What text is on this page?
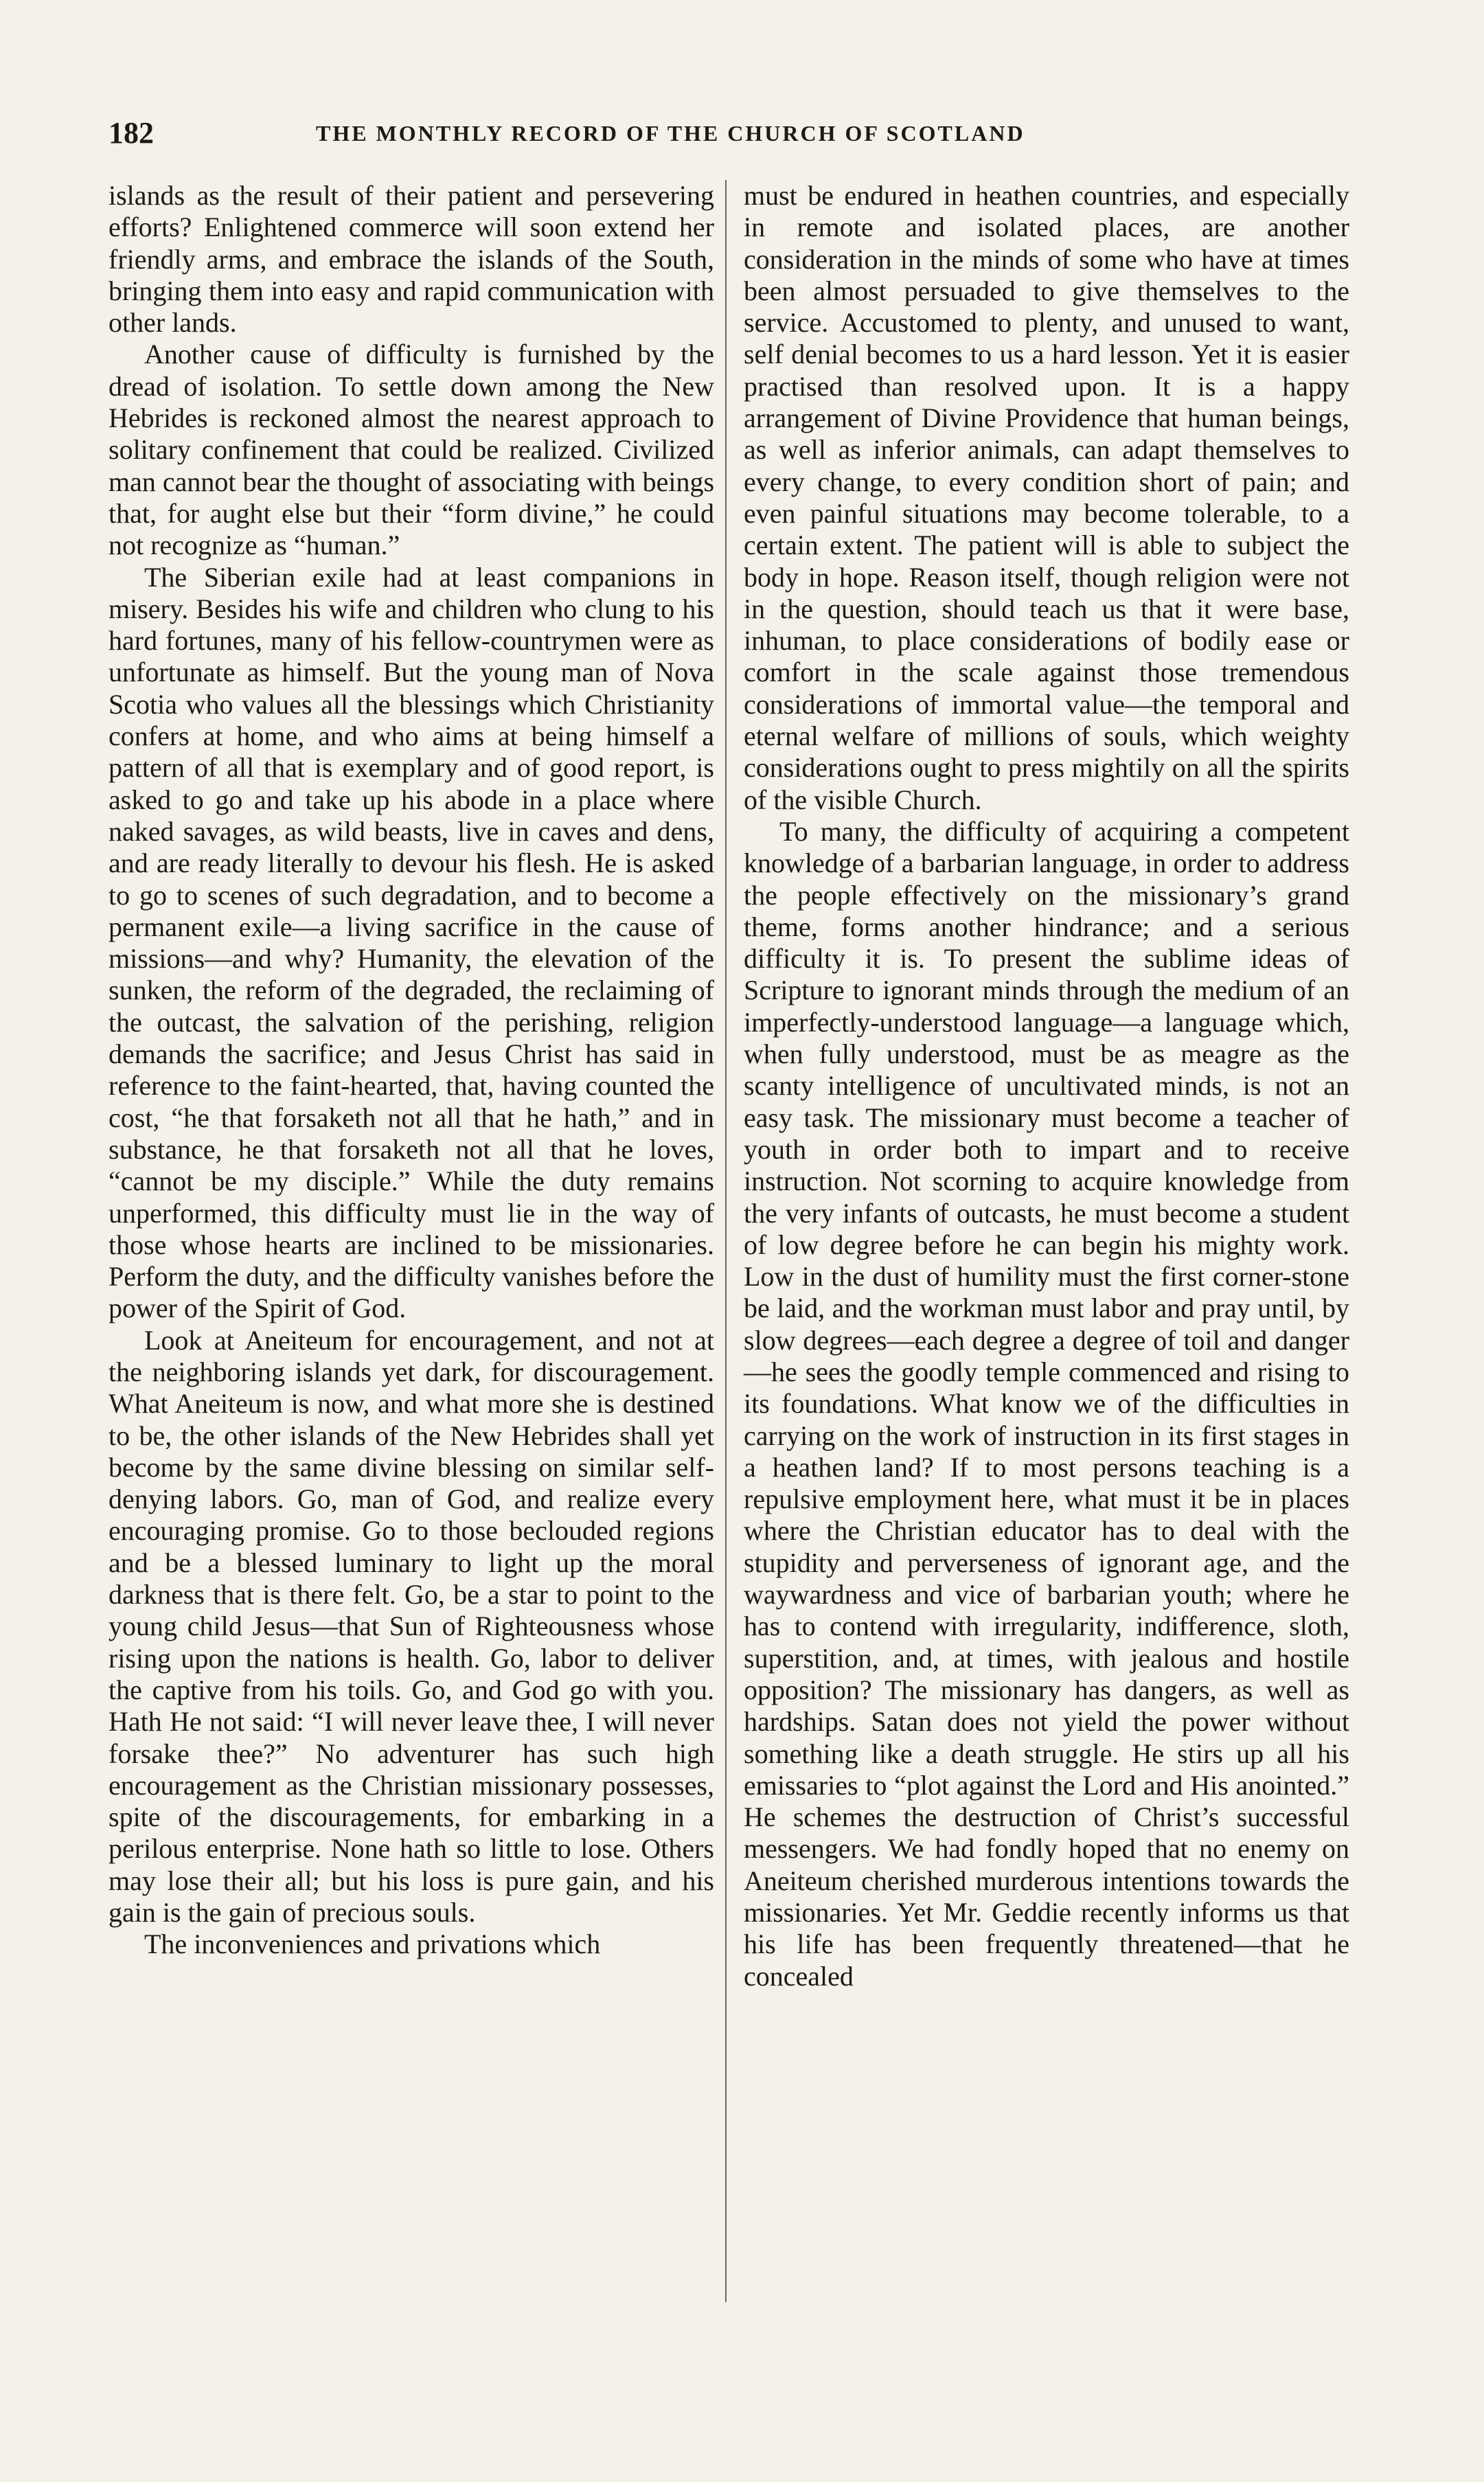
182	THE MONTHLY RECORD OF THE CHURCH OF SCOTLAND

islands as the result of their patient and persevering efforts? Enlightened commerce will soon extend her friendly arms, and embrace the islands of the South, bringing them into easy and rapid communication with other lands.

Another cause of difficulty is furnished by the dread of isolation. To settle down among the New Hebrides is reckoned almost the nearest approach to solitary confinement that could be realized. Civilized man cannot bear the thought of associating with beings that, for aught else but their “form divine,” he could not recognize as “human.”

The Siberian exile had at least companions in misery. Besides his wife and children who clung to his hard fortunes, many of his fellow-countrymen were as unfortunate as himself. But the young man of Nova Scotia who values all the blessings which Christianity confers at home, and who aims at being himself a pattern of all that is exemplary and of good report, is asked to go and take up his abode in a place where naked savages, as wild beasts, live in caves and dens, and are ready literally to devour his flesh. He is asked to go to scenes of such degradation, and to become a permanent exile—a living sacrifice in the cause of missions—and why? Humanity, the elevation of the sunken, the reform of the degraded, the reclaiming of the outcast, the salvation of the perishing, religion demands the sacrifice; and Jesus Christ has said in reference to the faint-hearted, that, having counted the cost, “he that forsaketh not all that he hath,” and in substance, he that forsaketh not all that he loves, “cannot be my disciple.” While the duty remains unperformed, this difficulty must lie in the way of those whose hearts are inclined to be missionaries. Perform the duty, and the difficulty vanishes before the power of the Spirit of God.

Look at Aneiteum for encouragement, and not at the neighboring islands yet dark, for discouragement. What Aneiteum is now, and what more she is destined to be, the other islands of the New Hebrides shall yet become by the same divine blessing on similar self-denying labors. Go, man of God, and realize every encouraging promise. Go to those beclouded regions and be a blessed luminary to light up the moral darkness that is there felt. Go, be a star to point to the young child Jesus—that Sun of Righteousness whose rising upon the nations is health. Go, labor to deliver the captive from his toils. Go, and God go with you. Hath He not said: “I will never leave thee, I will never forsake thee?” No adventurer has such high encouragement as the Christian missionary possesses, spite of the discouragements, for embarking in a perilous enterprise. None hath so little to lose. Others may lose their all; but his loss is pure gain, and his gain is the gain of precious souls.

The inconveniences and privations which

must be endured in heathen countries, and especially in remote and isolated places, are another consideration in the minds of some who have at times been almost persuaded to give themselves to the service. Accustomed to plenty, and unused to want, self denial becomes to us a hard lesson. Yet it is easier practised than resolved upon. It is a happy arrangement of Divine Providence that human beings, as well as inferior animals, can adapt themselves to every change, to every condition short of pain; and even painful situations may become tolerable, to a certain extent. The patient will is able to subject the body in hope. Reason itself, though religion were not in the question, should teach us that it were base, inhuman, to place considerations of bodily ease or comfort in the scale against those tremendous considerations of immortal value—the temporal and eternal welfare of millions of souls, which weighty considerations ought to press mightily on all the spirits of the visible Church.

To many, the difficulty of acquiring a competent knowledge of a barbarian language, in order to address the people effectively on the missionary’s grand theme, forms another hindrance; and a serious difficulty it is. To present the sublime ideas of Scripture to ignorant minds through the medium of an imperfectly-understood language—a language which, when fully understood, must be as meagre as the scanty intelligence of uncultivated minds, is not an easy task. The missionary must become a teacher of youth in order both to impart and to receive instruction. Not scorning to acquire knowledge from the very infants of outcasts, he must become a student of low degree before he can begin his mighty work. Low in the dust of humility must the first corner-stone be laid, and the workman must labor and pray until, by slow degrees—each degree a degree of toil and danger—he sees the goodly temple commenced and rising to its foundations. What know we of the difficulties in carrying on the work of instruction in its first stages in a heathen land? If to most persons teaching is a repulsive employment here, what must it be in places where the Christian educator has to deal with the stupidity and perverseness of ignorant age, and the waywardness and vice of barbarian youth; where he has to contend with irregularity, indifference, sloth, superstition, and, at times, with jealous and hostile opposition? The missionary has dangers, as well as hardships. Satan does not yield the power without something like a death struggle. He stirs up all his emissaries to “plot against the Lord and His anointed.” He schemes the destruction of Christ’s successful messengers. We had fondly hoped that no enemy on Aneiteum cherished murderous intentions towards the missionaries. Yet Mr. Geddie recently informs us that his life has been frequently threatened—that he concealed
